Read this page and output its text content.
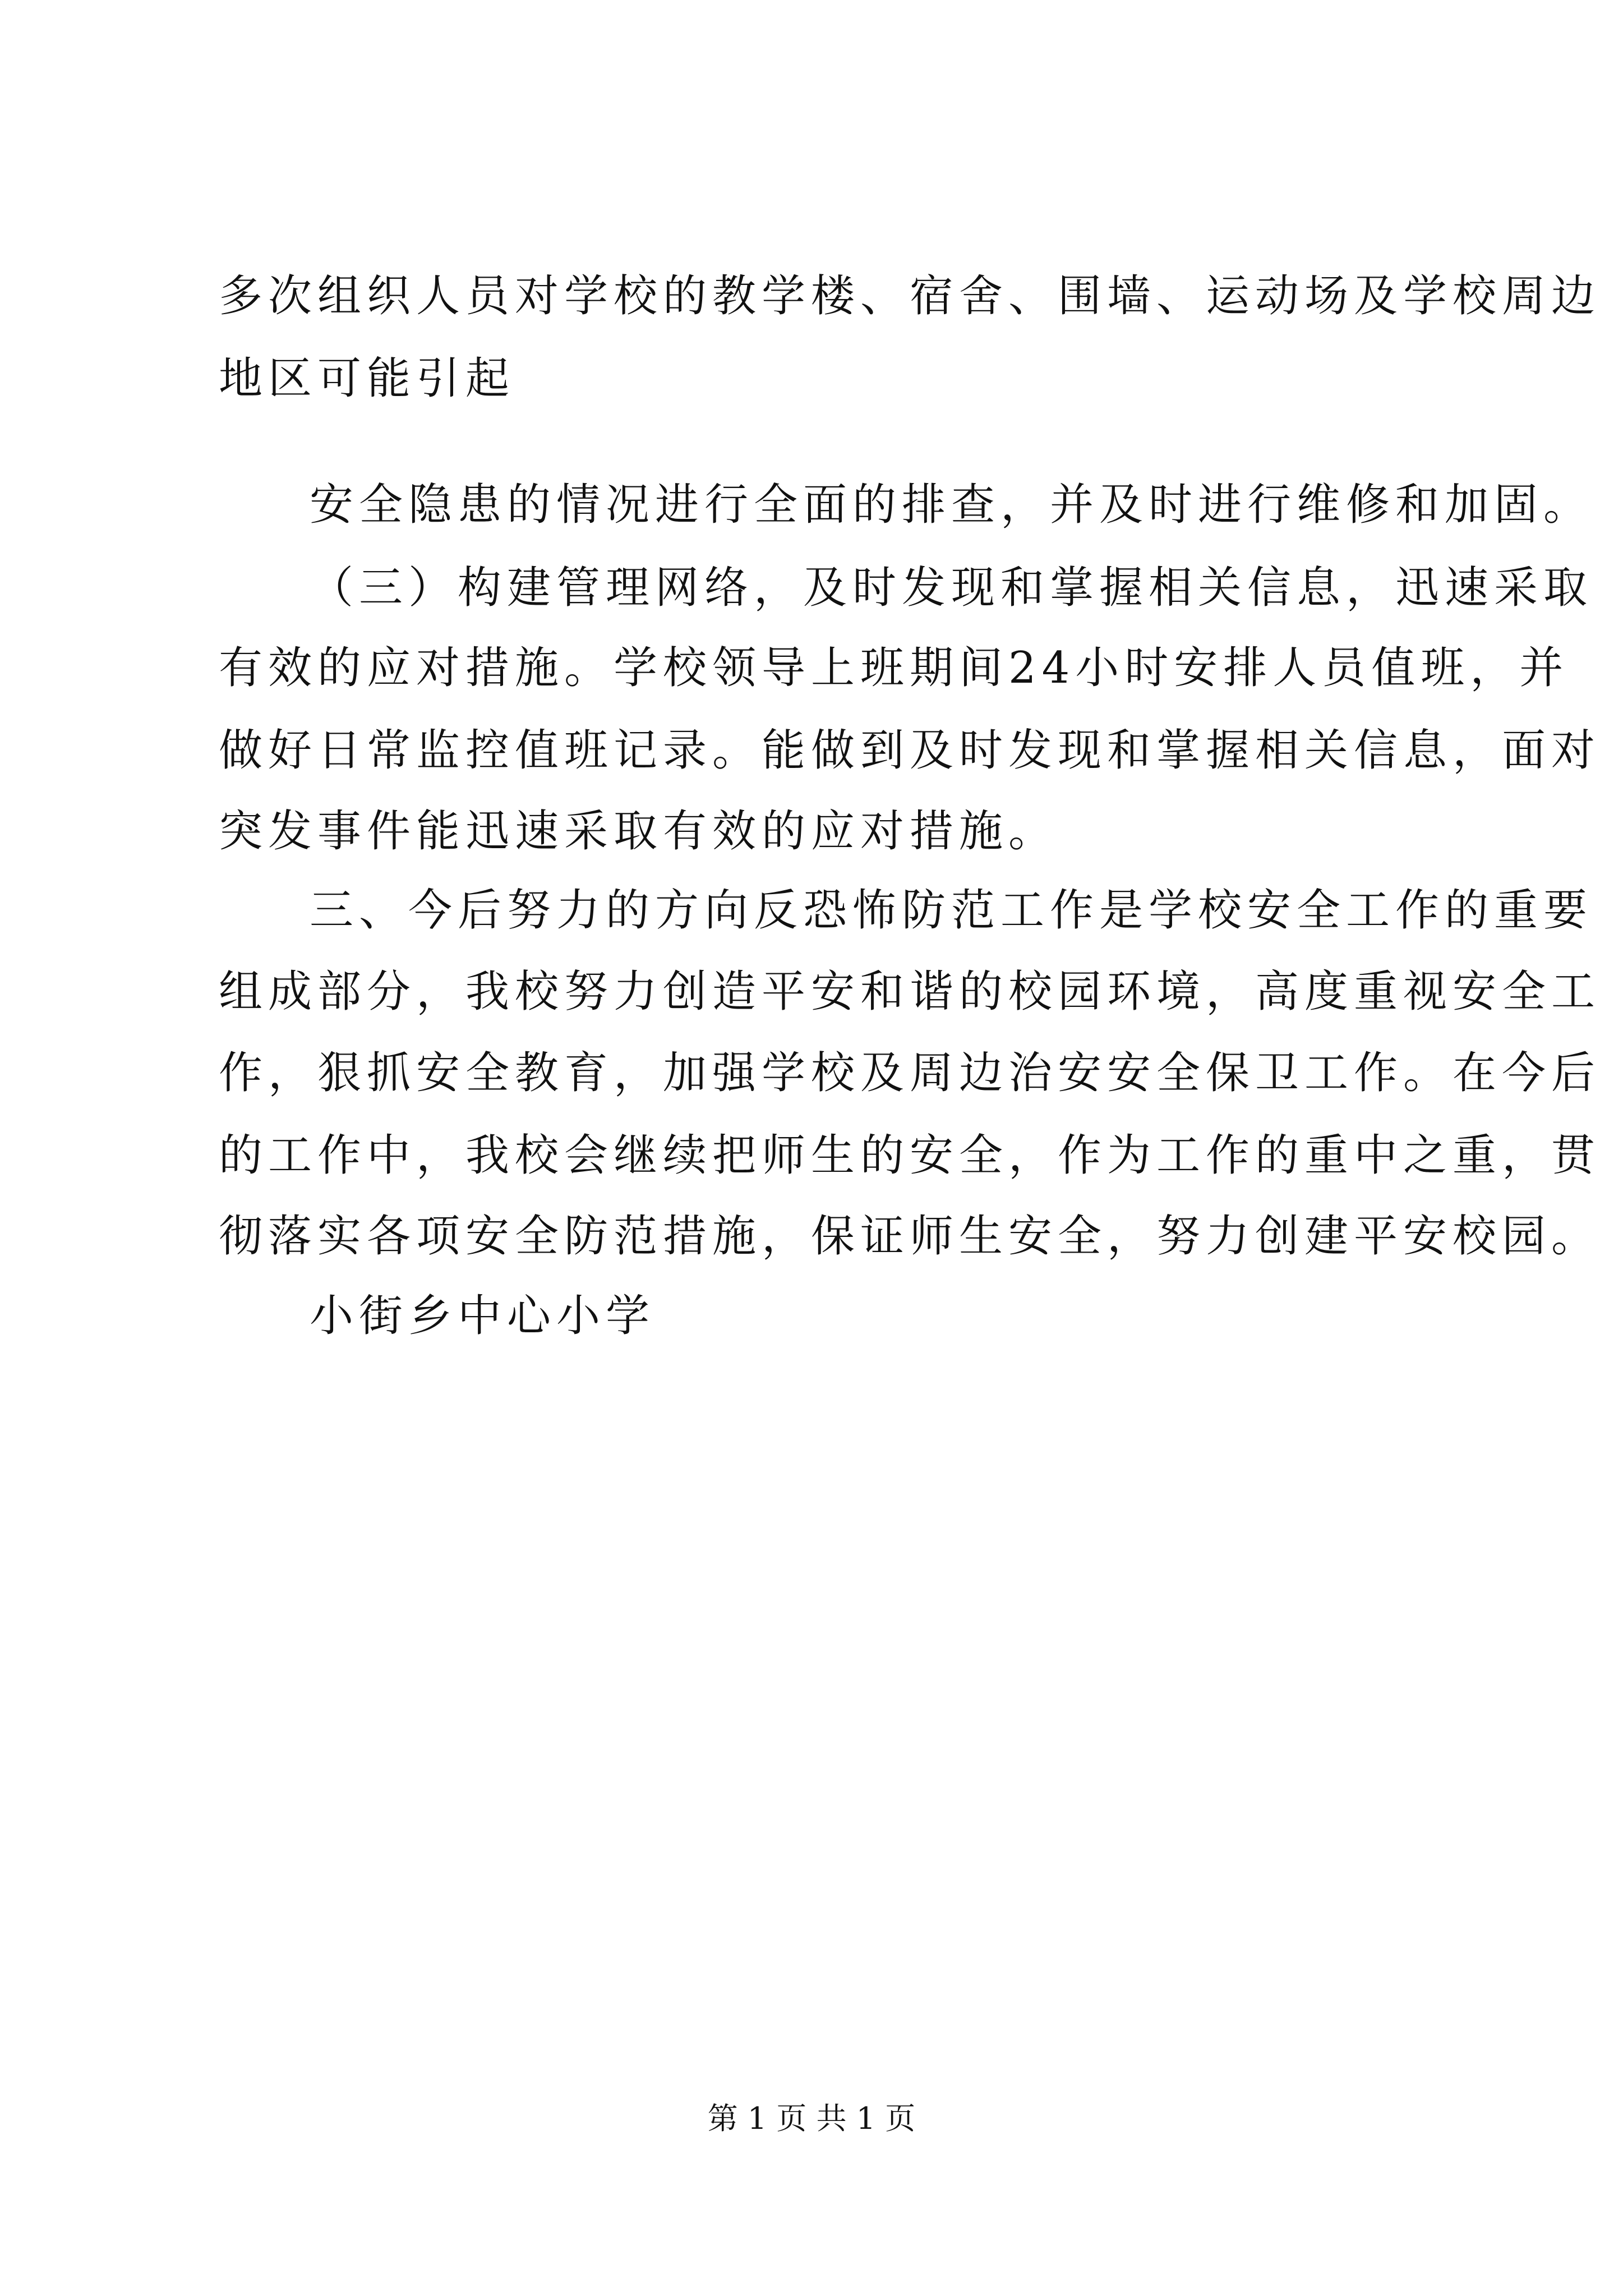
多次组织人员对学校的教学楼、宿舍、围墙、运动场及学校周边
地区可能引起
安全隐患的情况进行全面的排查，并及时进行维修和加固。
（三）构建管理网络，及时发现和掌握相关信息，迅速采取
有效的应对措施。学校领导上班期间24小时安排人员值班，并
做好日常监控值班记录。能做到及时发现和掌握相关信息，面对
突发事件能迅速采取有效的应对措施。
三、今后努力的方向反恐怖防范工作是学校安全工作的重要
组成部分，我校努力创造平安和谐的校园环境，高度重视安全工
作，狠抓安全教育，加强学校及周边治安安全保卫工作。在今后
的工作中，我校会继续把师生的安全，作为工作的重中之重，贯
彻落实各项安全防范措施，保证师生安全，努力创建平安校园。
小街乡中心小学
第 1 页 共 1 页
